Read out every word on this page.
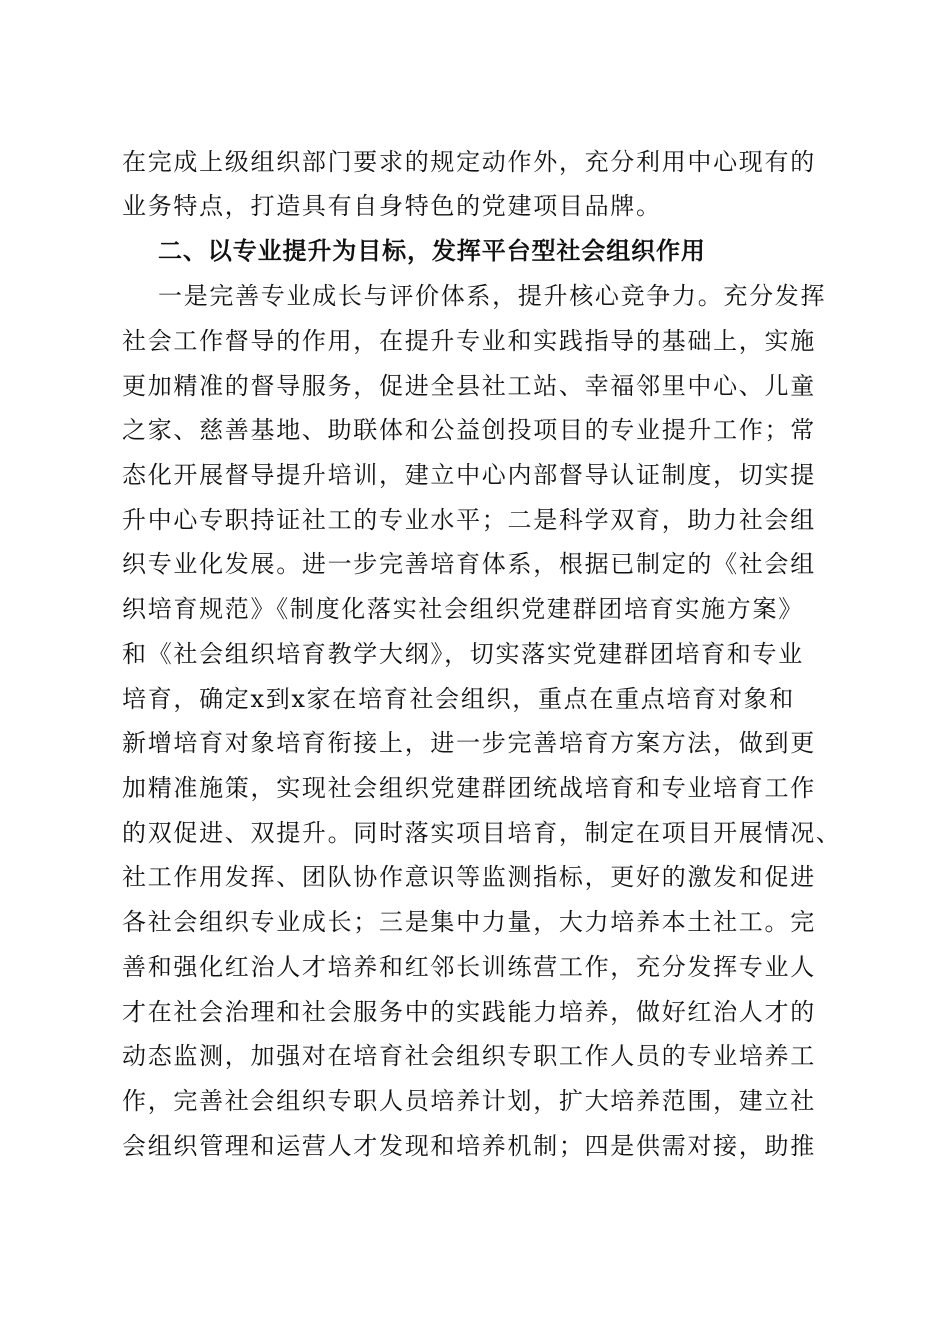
在完成上级组织部门要求的规定动作外，充分利用中心现有的
业务特点，打造具有自身特色的党建项目品牌。
二、以专业提升为目标，发挥平台型社会组织作用
一是完善专业成长与评价体系，提升核心竞争力。充分发挥
社会工作督导的作用，在提升专业和实践指导的基础上，实施
更加精准的督导服务，促进全县社工站、幸福邻里中心、儿童
之家、慈善基地、助联体和公益创投项目的专业提升工作；常
态化开展督导提升培训，建立中心内部督导认证制度，切实提
升中心专职持证社工的专业水平；二是科学双育，助力社会组
织专业化发展。进一步完善培育体系，根据已制定的《社会组
织培育规范》《制度化落实社会组织党建群团培育实施方案》
和《社会组织培育教学大纲》，切实落实党建群团培育和专业
培育，确定x到x家在培育社会组织，重点在重点培育对象和
新增培育对象培育衔接上，进一步完善培育方案方法，做到更
加精准施策，实现社会组织党建群团统战培育和专业培育工作
的双促进、双提升。同时落实项目培育，制定在项目开展情况、
社工作用发挥、团队协作意识等监测指标，更好的激发和促进
各社会组织专业成长；三是集中力量，大力培养本土社工。完
善和强化红治人才培养和红邻长训练营工作，充分发挥专业人
才在社会治理和社会服务中的实践能力培养，做好红治人才的
动态监测，加强对在培育社会组织专职工作人员的专业培养工
作，完善社会组织专职人员培养计划，扩大培养范围，建立社
会组织管理和运营人才发现和培养机制；四是供需对接，助推
